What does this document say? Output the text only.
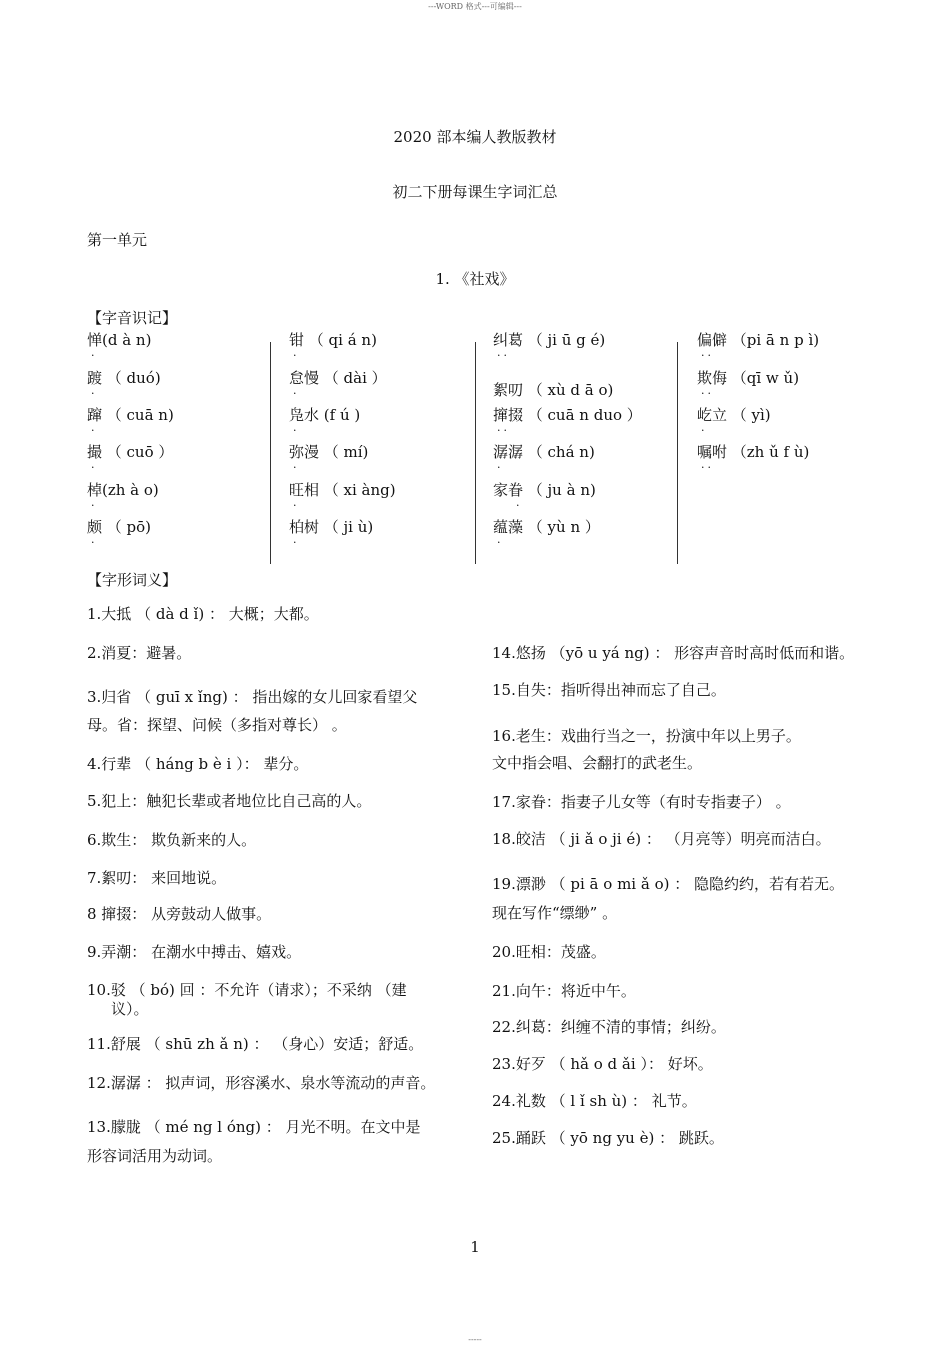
---WORD 格式---可编辑---
2020 部本编人教版教材
初二下册每课生字词汇总
第一单元
1. 《社戏》
【字音识记】
惮(d à n)
·
踱 （ duó)
·
蹿 （ cuā n)
·
撮 （ cuō ）
·
棹(zh à o)
·
颇 （ pō)
·
钳 （ qi á n)
·
怠慢 （ dài ）
·
凫水 (f ú )
·
弥漫 （ mí)
·
旺相 （ xi àng)
·
柏树 （ ji ù)
·
纠葛 （ ji ū g é)
··
絮叨 （ xù d ā o)
撺掇 （ cuā n duo ）
··
潺潺 （ chá n)
·
家眷 （ ju à n)
·
蕴藻 （ yù n ）
·
偏僻 （pi ā n p ì)
··
欺侮 （qī w ǔ)
··
屹立 （ yì)
·
嘱咐 （zh ǔ f ù)
··
【字形词义】
1.大抵 （ dà d ǐ) ： 大概；大都。
2.消夏：避暑。
3.归省 （ guī x ǐng) ： 指出嫁的女儿回家看望父
母。省：探望、问候（多指对尊长） 。
4.行辈 （ háng b è i ）： 辈分。
5.犯上：触犯长辈或者地位比自己高的人。
6.欺生： 欺负新来的人。
7.絮叨： 来回地说。
8 撺掇： 从旁鼓动人做事。
9.弄潮： 在潮水中搏击、嬉戏。
10.驳 （ bó) 回 ：不允许（请求）；不采纳 （建
议）。
11.舒展 （ shū zh ǎ n) ： （身心）安适；舒适。
12.潺潺 ： 拟声词，形容溪水、泉水等流动的声音。
13.朦胧 （ mé ng l óng) ： 月光不明。在文中是
形容词活用为动词。
14.悠扬 （yō u yá ng) ： 形容声音时高时低而和谐。
15.自失：指听得出神而忘了自己。
16.老生：戏曲行当之一，扮演中年以上男子。
文中指会唱、会翻打的武老生。
17.家眷：指妻子儿女等（有时专指妻子） 。
18.皎洁 （ ji ǎ o ji é) ： （月亮等）明亮而洁白。
19.漂渺 （ pi ā o mi ǎ o) ： 隐隐约约，若有若无。
现在写作“缥缈” 。
20.旺相：茂盛。
21.向午：将近中午。
22.纠葛：纠缠不清的事情；纠纷。
23.好歹 （ hǎ o d ǎi ）： 好坏。
24.礼数 （ l ǐ sh ù) ： 礼节。
25.踊跃 （ yō ng yu è) ： 跳跃。
1
-----
